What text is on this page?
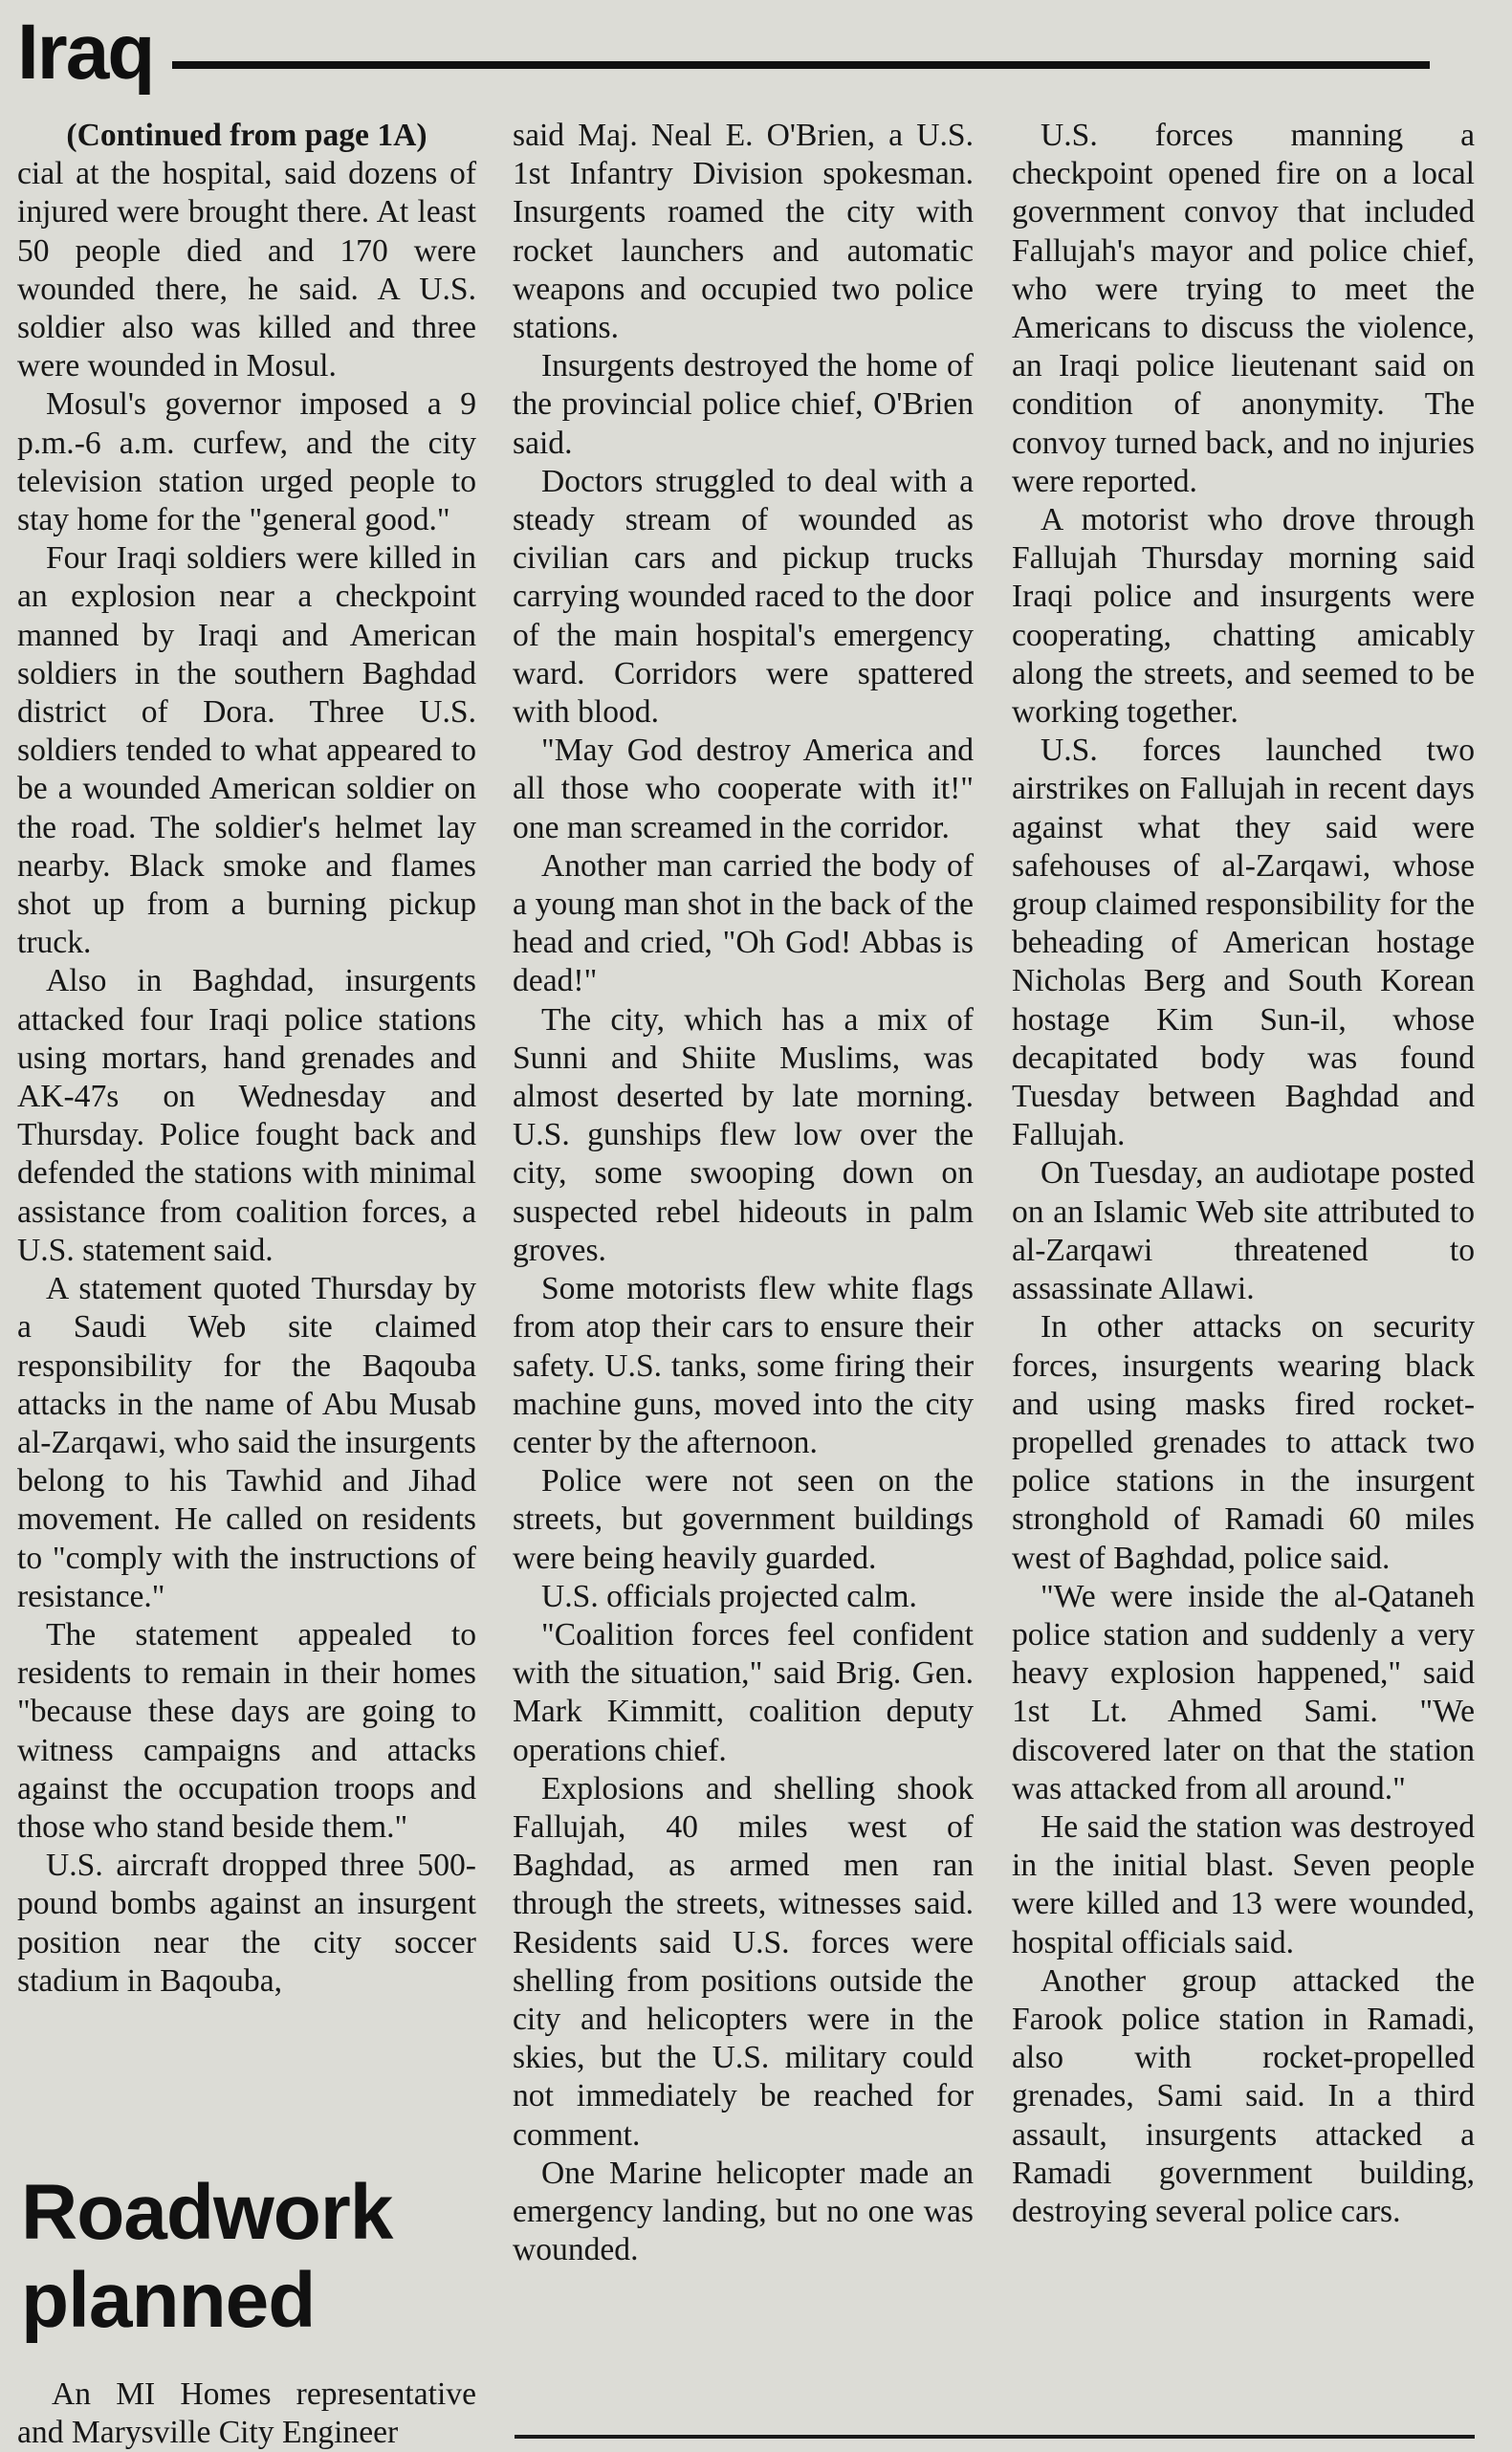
Iraq

(Continued from page 1A)

cial at the hospital, said dozens of injured were brought there. At least 50 people died and 170 were wounded there, he said. A U.S. soldier also was killed and three were wounded in Mosul.

Mosul's governor imposed a 9 p.m.-6 a.m. curfew, and the city television station urged people to stay home for the "general good."

Four Iraqi soldiers were killed in an explosion near a checkpoint manned by Iraqi and American soldiers in the southern Baghdad district of Dora. Three U.S. soldiers tended to what appeared to be a wounded American soldier on the road. The soldier's helmet lay nearby. Black smoke and flames shot up from a burning pickup truck.

Also in Baghdad, insurgents attacked four Iraqi police stations using mortars, hand grenades and AK-47s on Wednesday and Thursday. Police fought back and defended the stations with minimal assistance from coalition forces, a U.S. statement said.

A statement quoted Thursday by a Saudi Web site claimed responsibility for the Baqouba attacks in the name of Abu Musab al-Zarqawi, who said the insurgents belong to his Tawhid and Jihad movement. He called on residents to "comply with the instructions of resistance."

The statement appealed to residents to remain in their homes "because these days are going to witness campaigns and attacks against the occupation troops and those who stand beside them."

U.S. aircraft dropped three 500-pound bombs against an insurgent position near the city soccer stadium in Baqouba,

said Maj. Neal E. O'Brien, a U.S. 1st Infantry Division spokesman. Insurgents roamed the city with rocket launchers and automatic weapons and occupied two police stations.

Insurgents destroyed the home of the provincial police chief, O'Brien said.

Doctors struggled to deal with a steady stream of wounded as civilian cars and pickup trucks carrying wounded raced to the door of the main hospital's emergency ward. Corridors were spattered with blood.

"May God destroy America and all those who cooperate with it!" one man screamed in the corridor.

Another man carried the body of a young man shot in the back of the head and cried, "Oh God! Abbas is dead!"

The city, which has a mix of Sunni and Shiite Muslims, was almost deserted by late morning. U.S. gunships flew low over the city, some swooping down on suspected rebel hideouts in palm groves.

Some motorists flew white flags from atop their cars to ensure their safety. U.S. tanks, some firing their machine guns, moved into the city center by the afternoon.

Police were not seen on the streets, but government buildings were being heavily guarded.

U.S. officials projected calm.

"Coalition forces feel confident with the situation," said Brig. Gen. Mark Kimmitt, coalition deputy operations chief.

Explosions and shelling shook Fallujah, 40 miles west of Baghdad, as armed men ran through the streets, witnesses said. Residents said U.S. forces were shelling from positions outside the city and helicopters were in the skies, but the U.S. military could not immediately be reached for comment.

One Marine helicopter made an emergency landing, but no one was wounded.

U.S. forces manning a checkpoint opened fire on a local government convoy that included Fallujah's mayor and police chief, who were trying to meet the Americans to discuss the violence, an Iraqi police lieutenant said on condition of anonymity. The convoy turned back, and no injuries were reported.

A motorist who drove through Fallujah Thursday morning said Iraqi police and insurgents were cooperating, chatting amicably along the streets, and seemed to be working together.

U.S. forces launched two airstrikes on Fallujah in recent days against what they said were safehouses of al-Zarqawi, whose group claimed responsibility for the beheading of American hostage Nicholas Berg and South Korean hostage Kim Sun-il, whose decapitated body was found Tuesday between Baghdad and Fallujah.

On Tuesday, an audiotape posted on an Islamic Web site attributed to al-Zarqawi threatened to assassinate Allawi.

In other attacks on security forces, insurgents wearing black and using masks fired rocket-propelled grenades to attack two police stations in the insurgent stronghold of Ramadi 60 miles west of Baghdad, police said.

"We were inside the al-Qataneh police station and suddenly a very heavy explosion happened," said 1st Lt. Ahmed Sami. "We discovered later on that the station was attacked from all around."

He said the station was destroyed in the initial blast. Seven people were killed and 13 were wounded, hospital officials said.

Another group attacked the Farook police station in Ramadi, also with rocket-propelled grenades, Sami said. In a third assault, insurgents attacked a Ramadi government building, destroying several police cars.

Roadwork planned

An MI Homes representative and Marysville City Engineer
